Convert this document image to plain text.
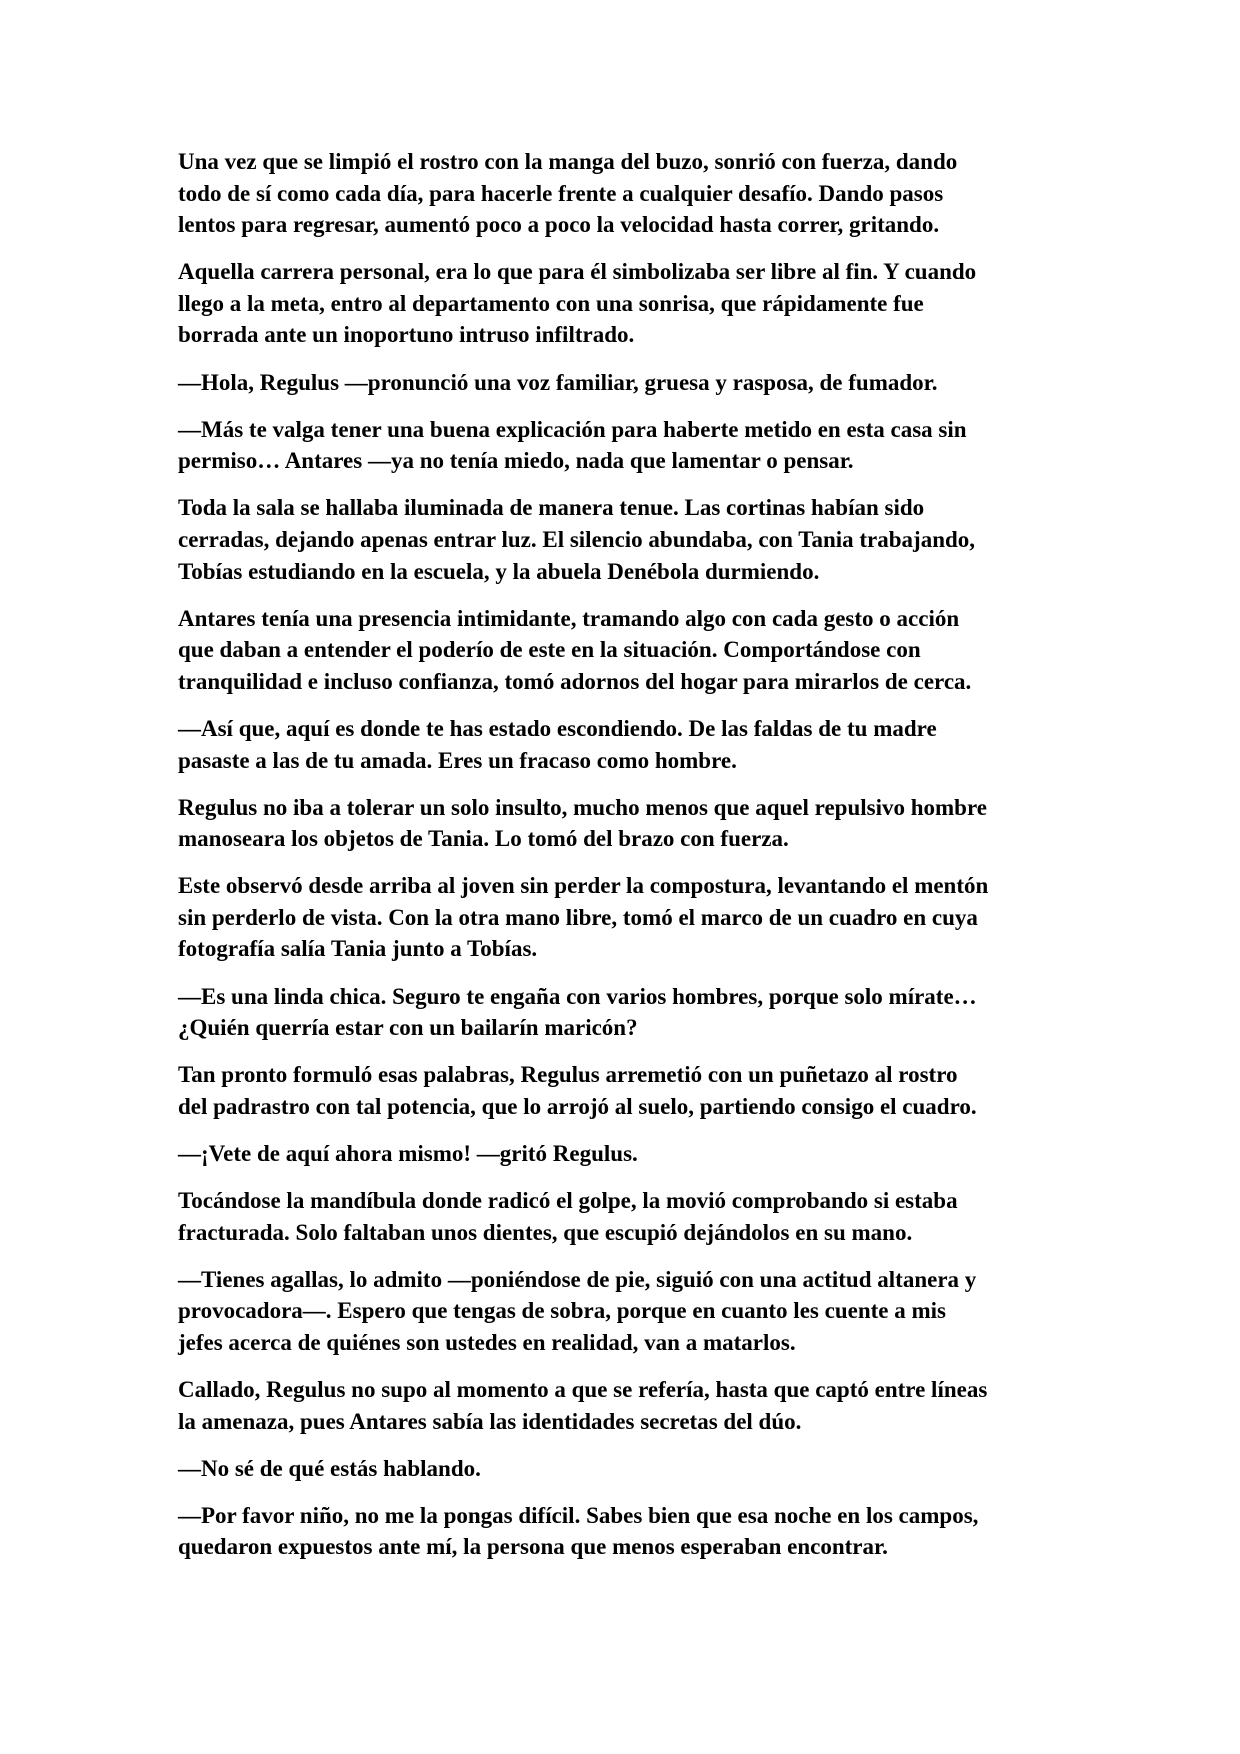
Una vez que se limpió el rostro con la manga del buzo, sonrió con fuerza, dando
todo de sí como cada día, para hacerle frente a cualquier desafío. Dando pasos
lentos para regresar, aumentó poco a poco la velocidad hasta correr, gritando.

Aquella carrera personal, era lo que para él simbolizaba ser libre al fin. Y cuando
llego a la meta, entro al departamento con una sonrisa, que rápidamente fue
borrada ante un inoportuno intruso infiltrado.

—Hola, Regulus —pronunció una voz familiar, gruesa y rasposa, de fumador.

—Más te valga tener una buena explicación para haberte metido en esta casa sin
permiso… Antares —ya no tenía miedo, nada que lamentar o pensar.

Toda la sala se hallaba iluminada de manera tenue. Las cortinas habían sido
cerradas, dejando apenas entrar luz. El silencio abundaba, con Tania trabajando,
Tobías estudiando en la escuela, y la abuela Denébola durmiendo.

Antares tenía una presencia intimidante, tramando algo con cada gesto o acción
que daban a entender el poderío de este en la situación. Comportándose con
tranquilidad e incluso confianza, tomó adornos del hogar para mirarlos de cerca.

—Así que, aquí es donde te has estado escondiendo. De las faldas de tu madre
pasaste a las de tu amada. Eres un fracaso como hombre.

Regulus no iba a tolerar un solo insulto, mucho menos que aquel repulsivo hombre
manoseara los objetos de Tania. Lo tomó del brazo con fuerza.

Este observó desde arriba al joven sin perder la compostura, levantando el mentón
sin perderlo de vista. Con la otra mano libre, tomó el marco de un cuadro en cuya
fotografía salía Tania junto a Tobías.

—Es una linda chica. Seguro te engaña con varios hombres, porque solo mírate…
¿Quién querría estar con un bailarín maricón?

Tan pronto formuló esas palabras, Regulus arremetió con un puñetazo al rostro
del padrastro con tal potencia, que lo arrojó al suelo, partiendo consigo el cuadro.

—¡Vete de aquí ahora mismo! —gritó Regulus.

Tocándose la mandíbula donde radicó el golpe, la movió comprobando si estaba
fracturada. Solo faltaban unos dientes, que escupió dejándolos en su mano.

—Tienes agallas, lo admito —poniéndose de pie, siguió con una actitud altanera y
provocadora—. Espero que tengas de sobra, porque en cuanto les cuente a mis
jefes acerca de quiénes son ustedes en realidad, van a matarlos.

Callado, Regulus no supo al momento a que se refería, hasta que captó entre líneas
la amenaza, pues Antares sabía las identidades secretas del dúo.

—No sé de qué estás hablando.

—Por favor niño, no me la pongas difícil. Sabes bien que esa noche en los campos,
quedaron expuestos ante mí, la persona que menos esperaban encontrar.
